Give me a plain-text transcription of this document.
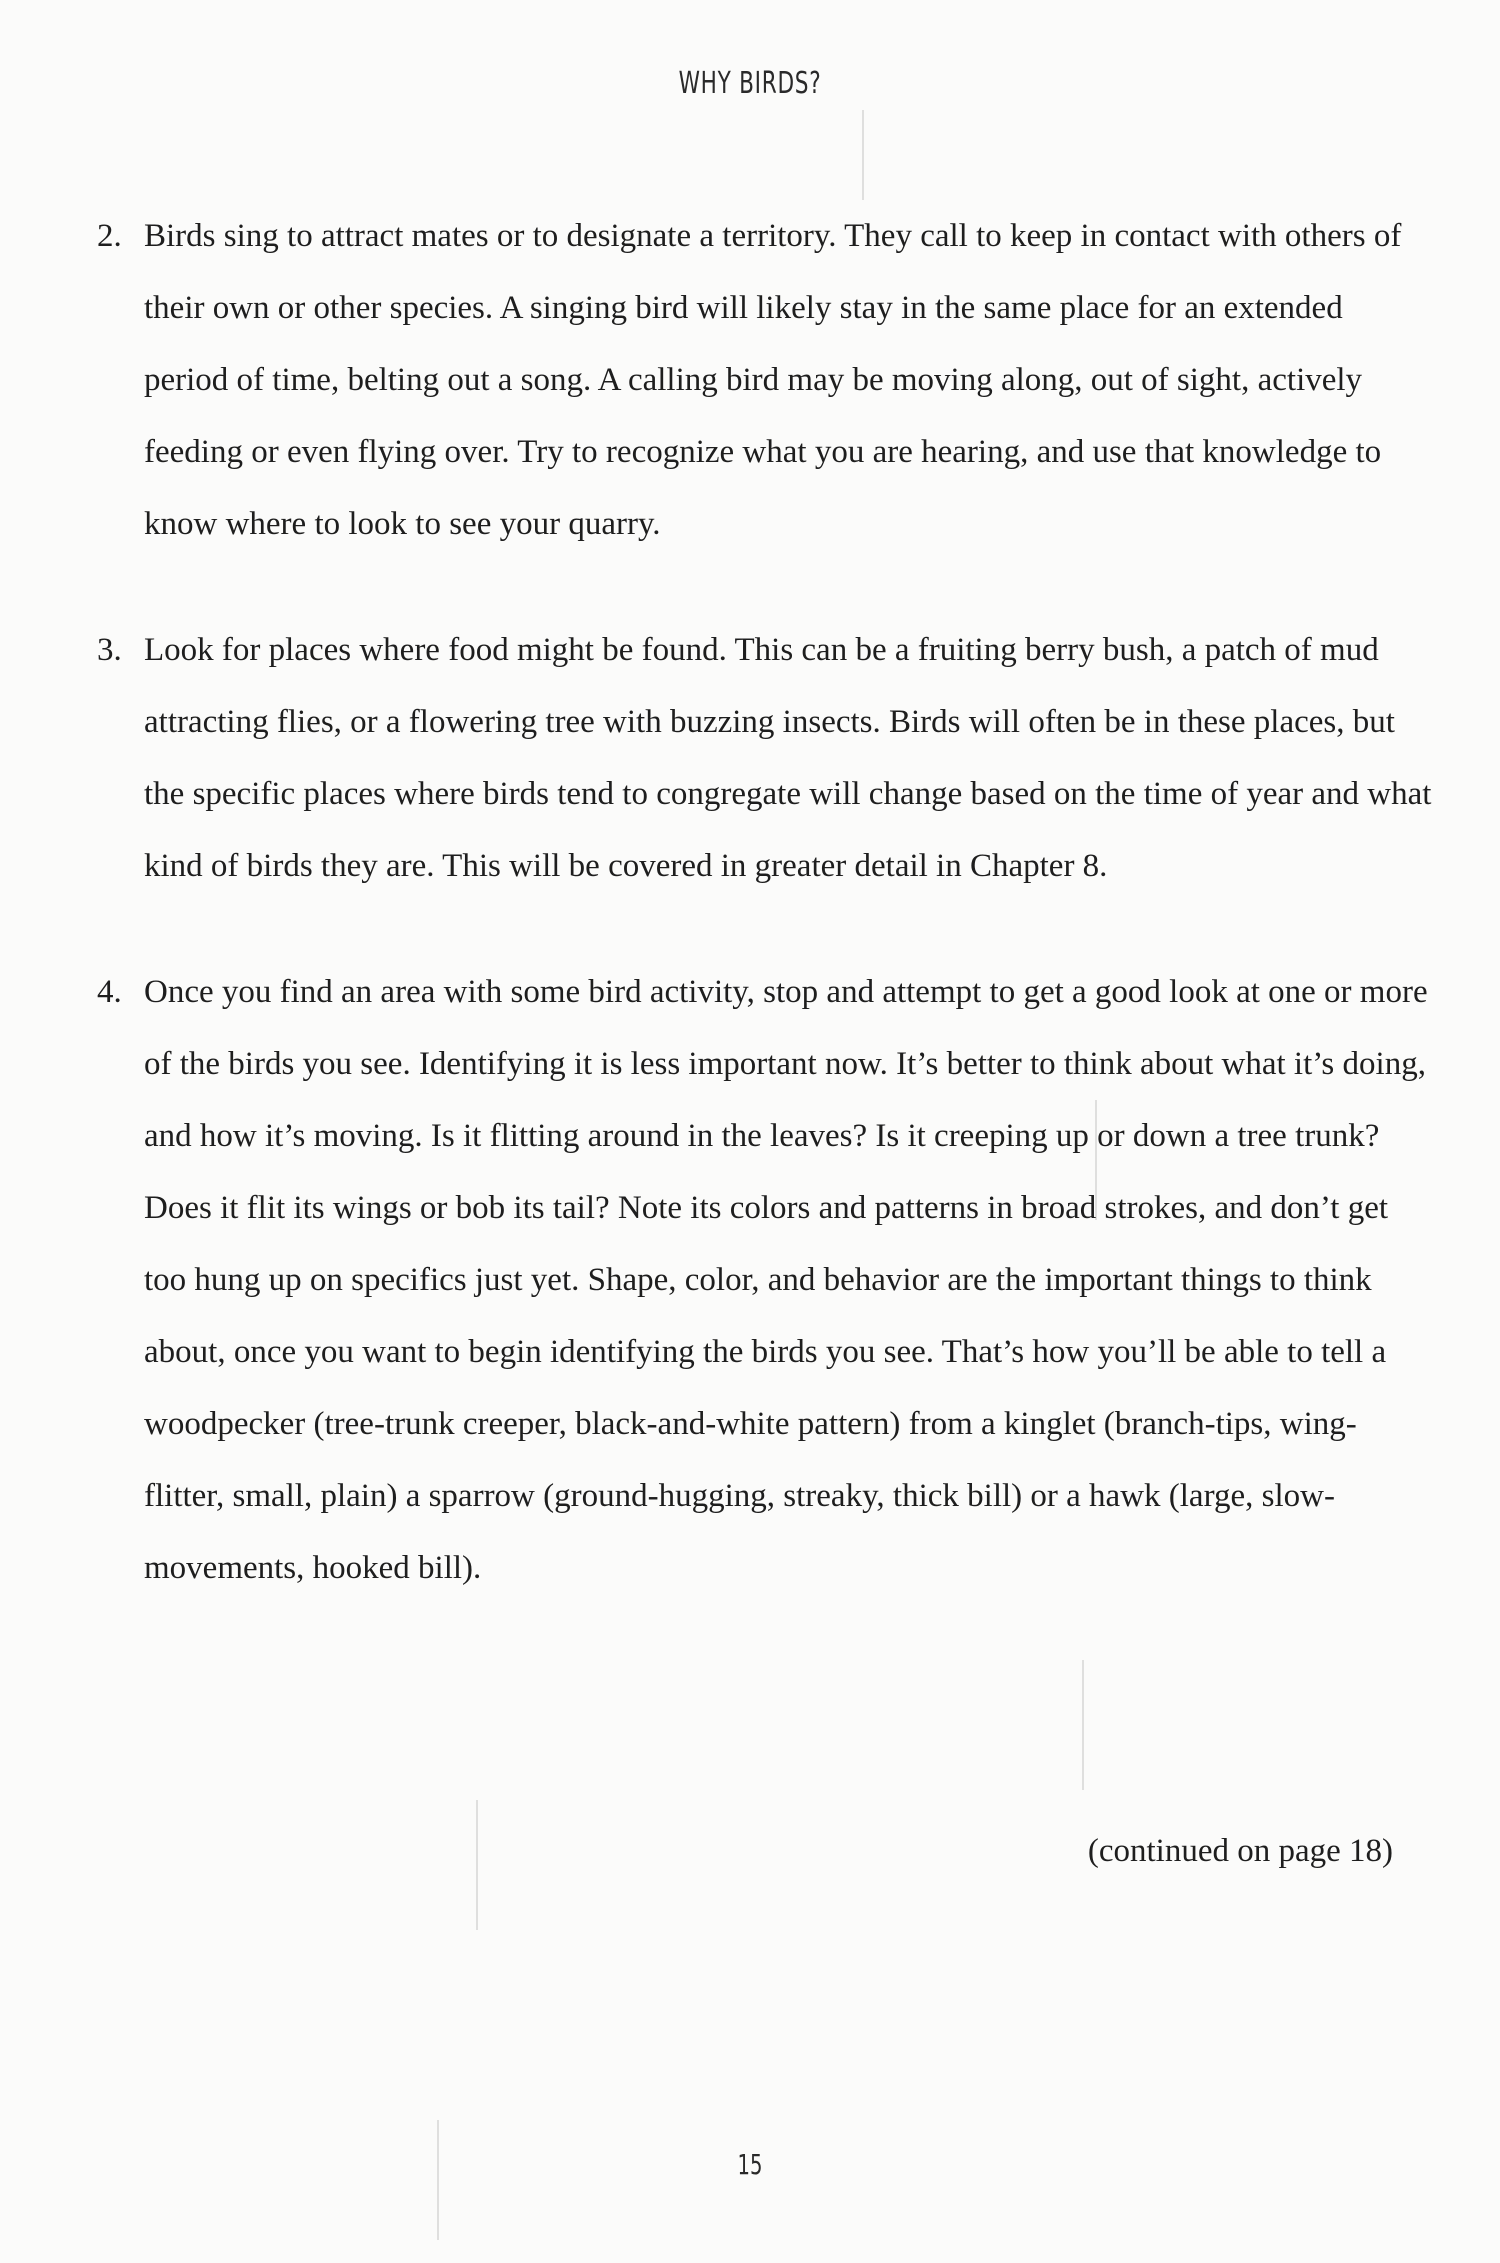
WHY BIRDS?
2. Birds sing to attract mates or to designate a territory. They call to keep in contact with others of their own or other species. A singing bird will likely stay in the same place for an extended period of time, belting out a song. A calling bird may be moving along, out of sight, actively feeding or even flying over. Try to recognize what you are hearing, and use that knowledge to know where to look to see your quarry.
3. Look for places where food might be found. This can be a fruiting berry bush, a patch of mud attracting flies, or a flowering tree with buzzing insects. Birds will often be in these places, but the specific places where birds tend to congregate will change based on the time of year and what kind of birds they are. This will be covered in greater detail in Chapter 8.
4. Once you find an area with some bird activity, stop and attempt to get a good look at one or more of the birds you see. Identifying it is less important now. It’s better to think about what it’s doing, and how it’s moving. Is it flitting around in the leaves? Is it creeping up or down a tree trunk? Does it flit its wings or bob its tail? Note its colors and patterns in broad strokes, and don’t get too hung up on specifics just yet. Shape, color, and behavior are the important things to think about, once you want to begin identifying the birds you see. That’s how you’ll be able to tell a woodpecker (tree-trunk creeper, black-and-white pattern) from a kinglet (branch-tips, wing-flitter, small, plain) a sparrow (ground-hugging, streaky, thick bill) or a hawk (large, slow-movements, hooked bill).
(continued on page 18)
15
